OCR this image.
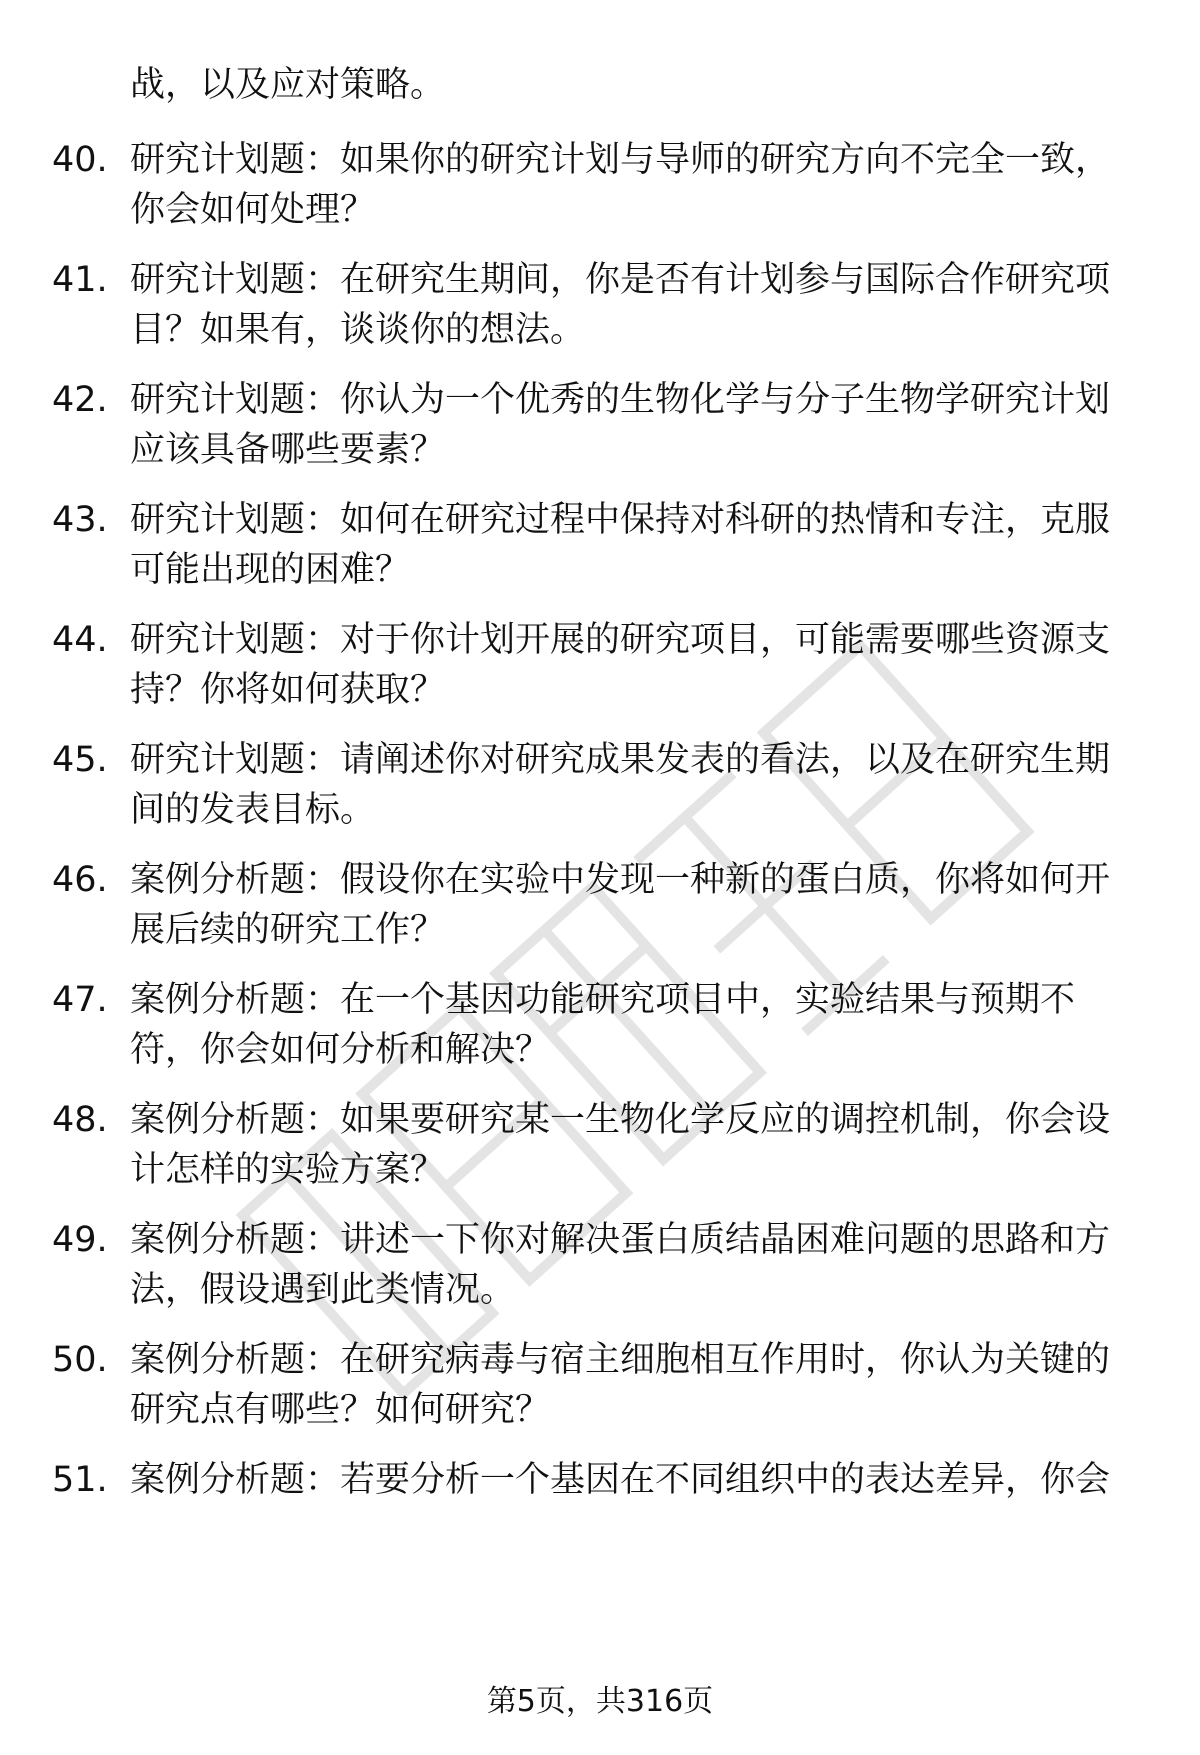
战，以及应对策略。
40. 研究计划题：如果你的研究计划与导师的研究方向不完全一致，
你会如何处理？
41. 研究计划题：在研究生期间，你是否有计划参与国际合作研究项
目？如果有，谈谈你的想法。
42. 研究计划题：你认为一个优秀的生物化学与分子生物学研究计划
应该具备哪些要素？
43. 研究计划题：如何在研究过程中保持对科研的热情和专注，克服
可能出现的困难？
44. 研究计划题：对于你计划开展的研究项目，可能需要哪些资源支
持？你将如何获取？
45. 研究计划题：请阐述你对研究成果发表的看法，以及在研究生期
间的发表目标。
46. 案例分析题：假设你在实验中发现一种新的蛋白质，你将如何开
展后续的研究工作？
47. 案例分析题：在一个基因功能研究项目中，实验结果与预期不
符，你会如何分析和解决？
48. 案例分析题：如果要研究某一生物化学反应的调控机制，你会设
计怎样的实验方案？
49. 案例分析题：讲述一下你对解决蛋白质结晶困难问题的思路和方
法，假设遇到此类情况。
50. 案例分析题：在研究病毒与宿主细胞相互作用时，你认为关键的
研究点有哪些？如何研究？
51. 案例分析题：若要分析一个基因在不同组织中的表达差异，你会
第5页，共316页
